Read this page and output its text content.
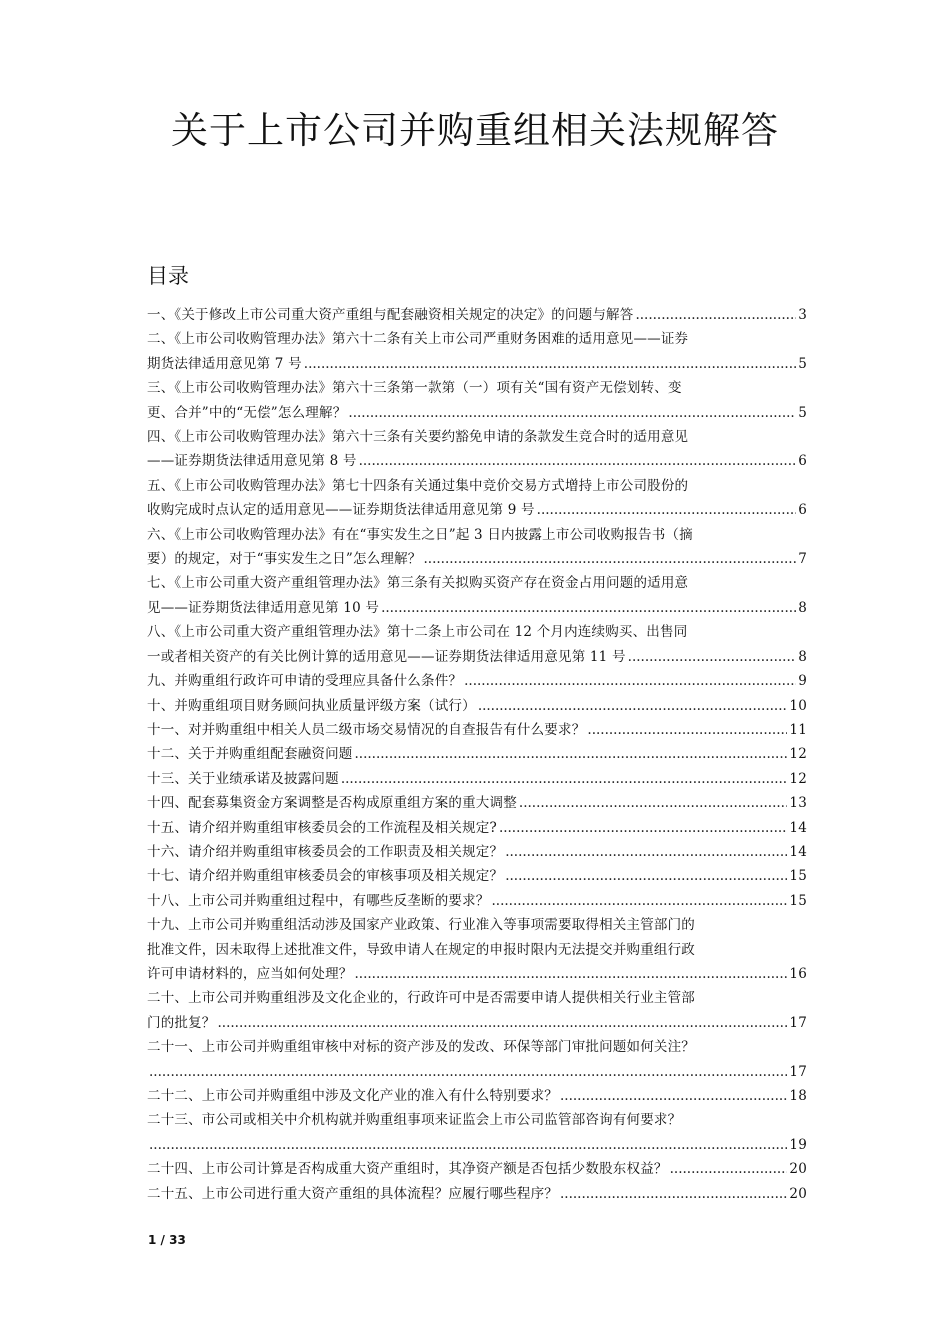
关于上市公司并购重组相关法规解答
目录
一、《关于修改上市公司重大资产重组与配套融资相关规定的决定》的问题与解答 .....	3
二、《上市公司收购管理办法》第六十二条有关上市公司严重财务困难的适用意见——证券
期货法律适用意见第 7 号 .....	5
三、《上市公司收购管理办法》第六十三条第一款第（一）项有关“国有资产无偿划转、变
更、合并”中的“无偿”怎么理解？ .....	5
四、《上市公司收购管理办法》第六十三条有关要约豁免申请的条款发生竞合时的适用意见
——证券期货法律适用意见第 8 号 .....	6
五、《上市公司收购管理办法》第七十四条有关通过集中竞价交易方式增持上市公司股份的
收购完成时点认定的适用意见——证券期货法律适用意见第 9 号 .....	6
六、《上市公司收购管理办法》有在“事实发生之日”起 3 日内披露上市公司收购报告书（摘
要）的规定，对于“事实发生之日”怎么理解？ .....	7
七、《上市公司重大资产重组管理办法》第三条有关拟购买资产存在资金占用问题的适用意
见——证券期货法律适用意见第 10 号 .....	8
八、《上市公司重大资产重组管理办法》第十二条上市公司在 12 个月内连续购买、出售同
一或者相关资产的有关比例计算的适用意见——证券期货法律适用意见第 11 号 .....	8
九、并购重组行政许可申请的受理应具备什么条件？ .....	9
十、并购重组项目财务顾问执业质量评级方案（试行） .....	10
十一、对并购重组中相关人员二级市场交易情况的自查报告有什么要求？ .....	11
十二、关于并购重组配套融资问题 .....	12
十三、关于业绩承诺及披露问题 .....	12
十四、配套募集资金方案调整是否构成原重组方案的重大调整 .....	13
十五、请介绍并购重组审核委员会的工作流程及相关规定? .....	14
十六、请介绍并购重组审核委员会的工作职责及相关规定？ .....	14
十七、请介绍并购重组审核委员会的审核事项及相关规定？ .....	15
十八、上市公司并购重组过程中，有哪些反垄断的要求？ .....	15
十九、上市公司并购重组活动涉及国家产业政策、行业准入等事项需要取得相关主管部门的
批准文件，因未取得上述批准文件，导致申请人在规定的申报时限内无法提交并购重组行政
许可申请材料的，应当如何处理？ .....	16
二十、上市公司并购重组涉及文化企业的，行政许可中是否需要申请人提供相关行业主管部
门的批复？ .....	17
二十一、上市公司并购重组审核中对标的资产涉及的发改、环保等部门审批问题如何关注？
.....
17
二十二、上市公司并购重组中涉及文化产业的准入有什么特别要求？ .....	18
二十三、市公司或相关中介机构就并购重组事项来证监会上市公司监管部咨询有何要求？
.....
19
二十四、上市公司计算是否构成重大资产重组时，其净资产额是否包括少数股东权益？ .....	20
二十五、上市公司进行重大资产重组的具体流程？应履行哪些程序？ .....	20
1 / 33
